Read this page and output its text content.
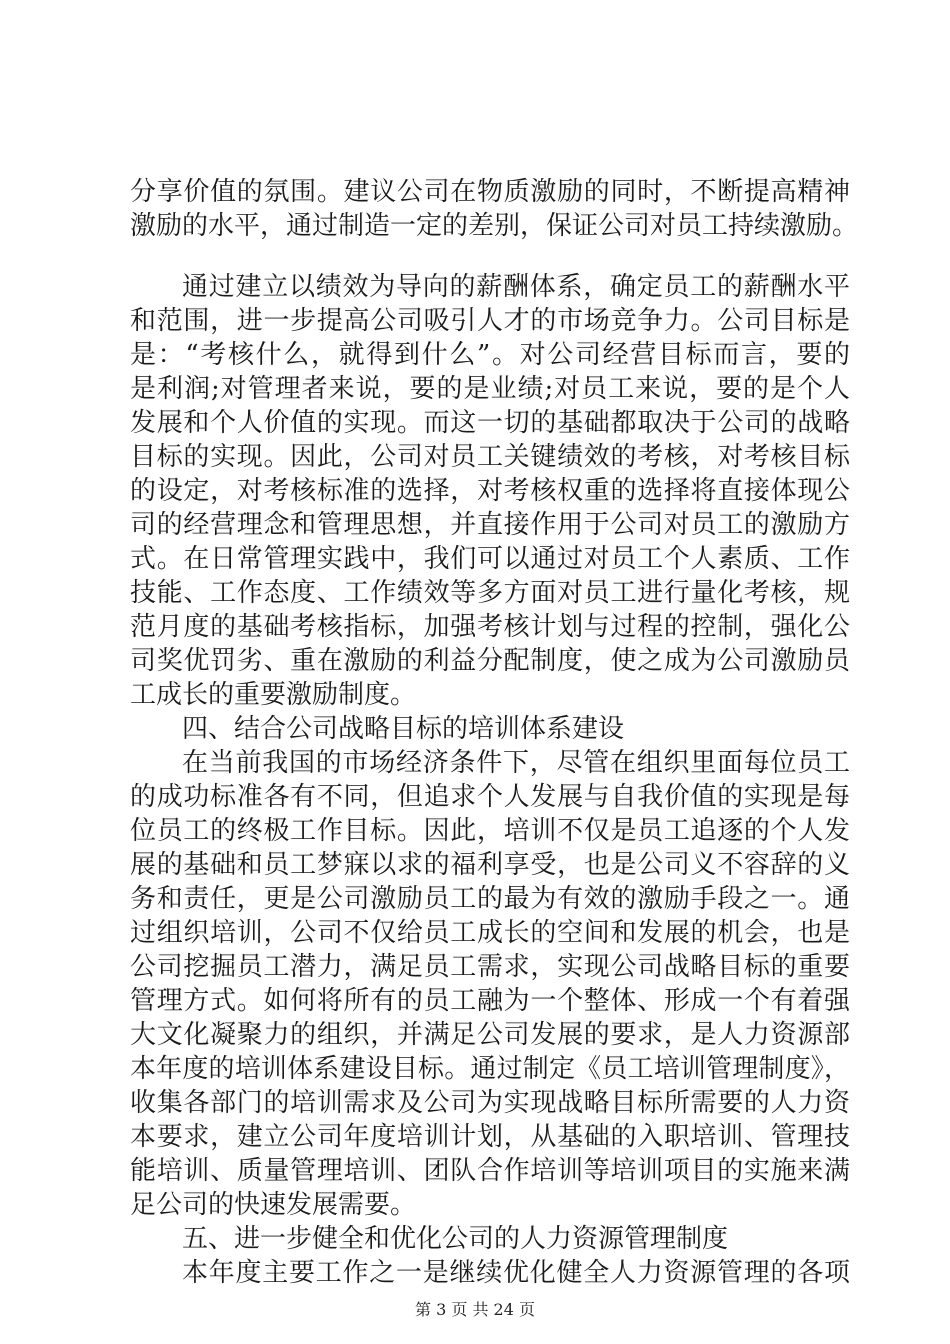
分享价值的氛围。建议公司在物质激励的同时，不断提高精神
激励的水平，通过制造一定的差别，保证公司对员工持续激励。
通过建立以绩效为导向的薪酬体系，确定员工的薪酬水平
和范围，进一步提高公司吸引人才的市场竞争力。公司目标是
是：“考核什么，就得到什么”。对公司经营目标而言，要的
是利润;对管理者来说，要的是业绩;对员工来说，要的是个人
发展和个人价值的实现。而这一切的基础都取决于公司的战略
目标的实现。因此，公司对员工关键绩效的考核，对考核目标
的设定，对考核标准的选择，对考核权重的选择将直接体现公
司的经营理念和管理思想，并直接作用于公司对员工的激励方
式。在日常管理实践中，我们可以通过对员工个人素质、工作
技能、工作态度、工作绩效等多方面对员工进行量化考核，规
范月度的基础考核指标，加强考核计划与过程的控制，强化公
司奖优罚劣、重在激励的利益分配制度，使之成为公司激励员
工成长的重要激励制度。
四、结合公司战略目标的培训体系建设
在当前我国的市场经济条件下，尽管在组织里面每位员工
的成功标准各有不同，但追求个人发展与自我价值的实现是每
位员工的终极工作目标。因此，培训不仅是员工追逐的个人发
展的基础和员工梦寐以求的福利享受，也是公司义不容辞的义
务和责任，更是公司激励员工的最为有效的激励手段之一。通
过组织培训，公司不仅给员工成长的空间和发展的机会，也是
公司挖掘员工潜力，满足员工需求，实现公司战略目标的重要
管理方式。如何将所有的员工融为一个整体、形成一个有着强
大文化凝聚力的组织，并满足公司发展的要求，是人力资源部
本年度的培训体系建设目标。通过制定《员工培训管理制度》，
收集各部门的培训需求及公司为实现战略目标所需要的人力资
本要求，建立公司年度培训计划，从基础的入职培训、管理技
能培训、质量管理培训、团队合作培训等培训项目的实施来满
足公司的快速发展需要。
五、进一步健全和优化公司的人力资源管理制度
本年度主要工作之一是继续优化健全人力资源管理的各项
第 3 页 共 24 页
